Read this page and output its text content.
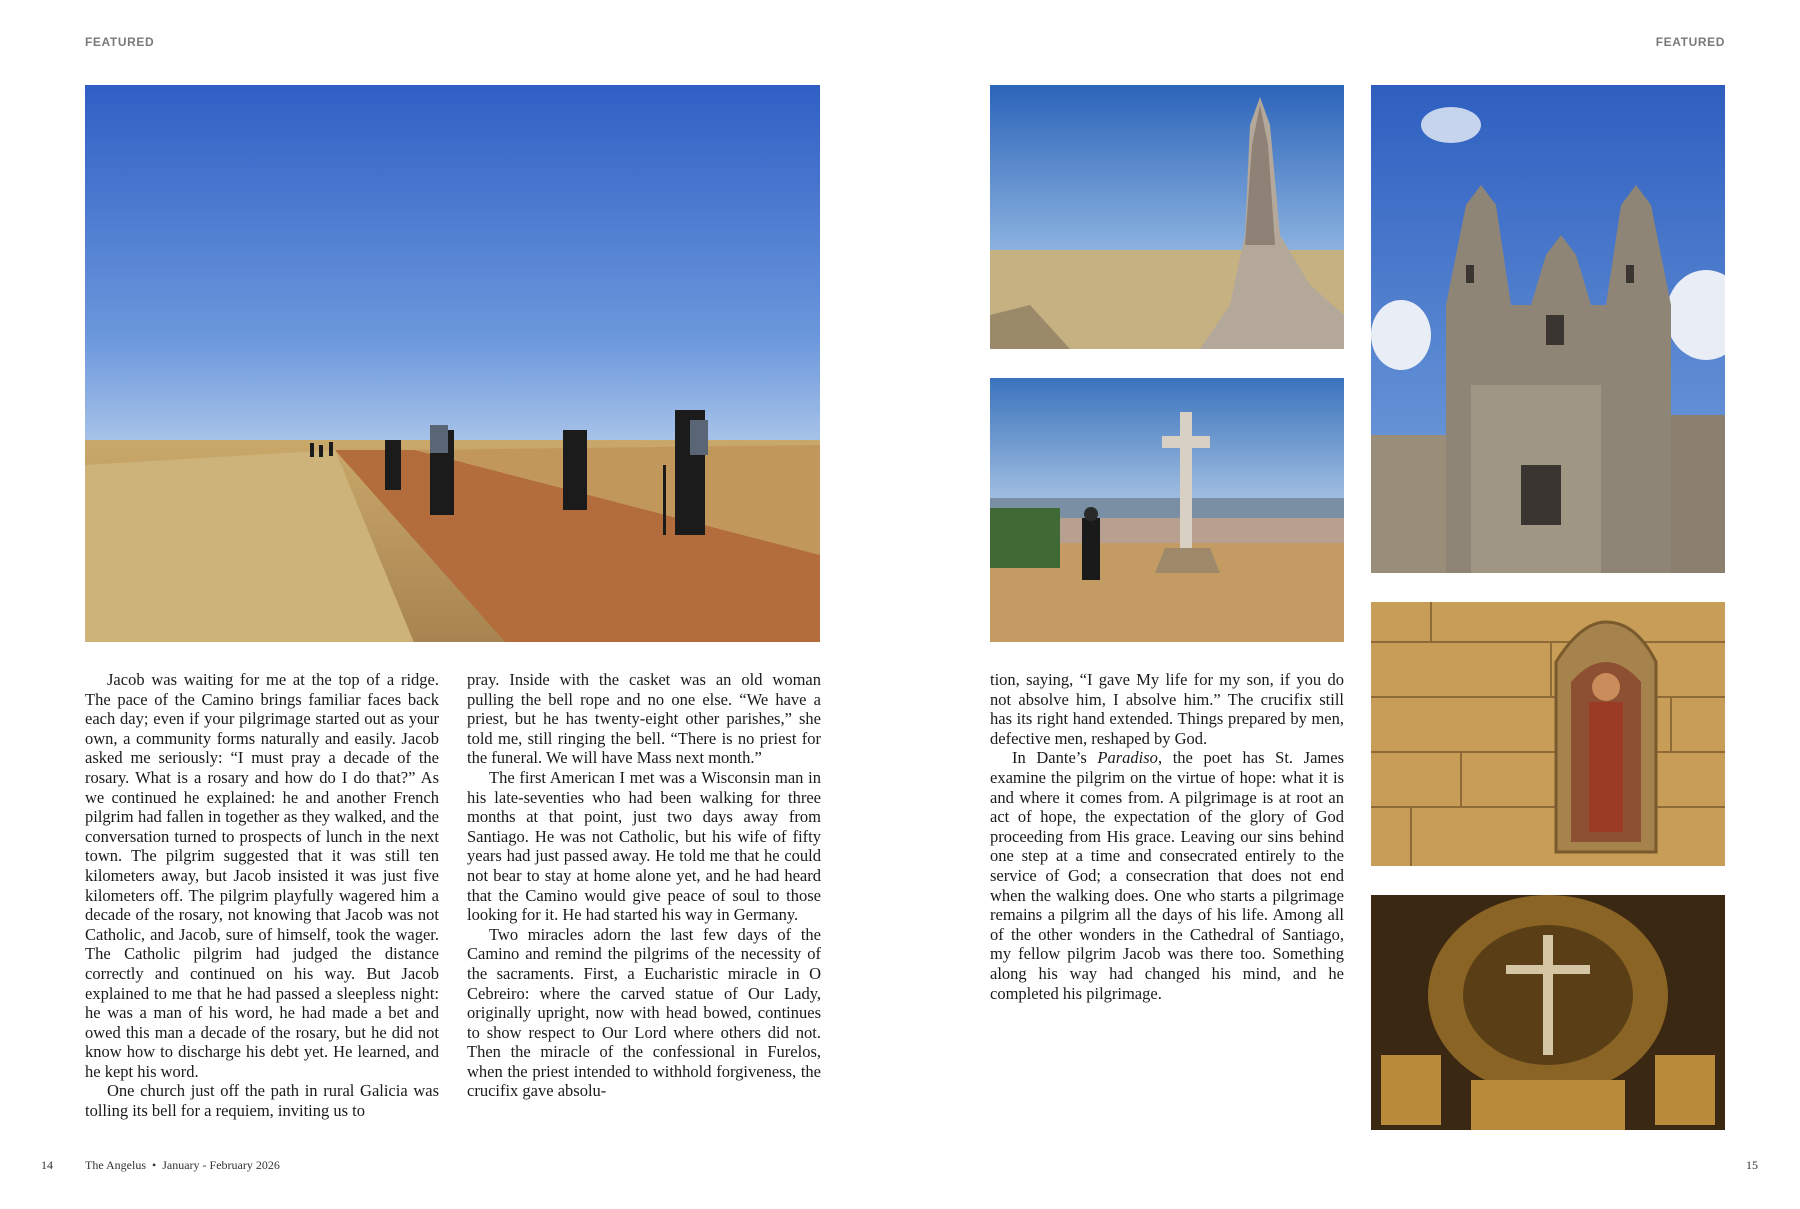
FEATURED	FEATURED

Jacob was waiting for me at the top of a ridge. The pace of the Camino brings familiar faces back each day; even if your pilgrimage started out as your own, a community forms naturally and easily. Jacob asked me seriously: “I must pray a decade of the rosary. What is a rosary and how do I do that?” As we continued he explained: he and another French pilgrim had fallen in together as they walked, and the conversation turned to prospects of lunch in the next town. The pilgrim suggested that it was still ten kilometers away, but Jacob insisted it was just five kilometers off. The pilgrim playfully wagered him a decade of the rosary, not knowing that Jacob was not Catholic, and Jacob, sure of himself, took the wager. The Catholic pilgrim had judged the distance correctly and continued on his way. But Jacob explained to me that he had passed a sleepless night: he was a man of his word, he had made a bet and owed this man a decade of the rosary, but he did not know how to discharge his debt yet. He learned, and he kept his word.

One church just off the path in rural Galicia was tolling its bell for a requiem, inviting us to

pray. Inside with the casket was an old woman pulling the bell rope and no one else. “We have a priest, but he has twenty-eight other parishes,” she told me, still ringing the bell. “There is no priest for the funeral. We will have Mass next month.”

The first American I met was a Wisconsin man in his late-seventies who had been walking for three months at that point, just two days away from Santiago. He was not Catholic, but his wife of fifty years had just passed away. He told me that he could not bear to stay at home alone yet, and he had heard that the Camino would give peace of soul to those looking for it. He had started his way in Germany.

Two miracles adorn the last few days of the Camino and remind the pilgrims of the necessity of the sacraments. First, a Eucharistic miracle in O Cebreiro: where the carved statue of Our Lady, originally upright, now with head bowed, continues to show respect to Our Lord where others did not. Then the miracle of the confessional in Furelos, when the priest intended to withhold forgiveness, the crucifix gave absolu-

tion, saying, “I gave My life for my son, if you do not absolve him, I absolve him.” The crucifix still has its right hand extended. Things prepared by men, defective men, reshaped by God.

In Dante’s Paradiso, the poet has St. James examine the pilgrim on the virtue of hope: what it is and where it comes from. A pilgrimage is at root an act of hope, the expectation of the glory of God proceeding from His grace. Leaving our sins behind one step at a time and consecrated entirely to the service of God; a consecration that does not end when the walking does. One who starts a pilgrimage remains a pilgrim all the days of his life. Among all of the other wonders in the Cathedral of Santiago, my fellow pilgrim Jacob was there too. Something along his way had changed his mind, and he completed his pilgrimage.

14	The Angelus • January - February 2026	15
